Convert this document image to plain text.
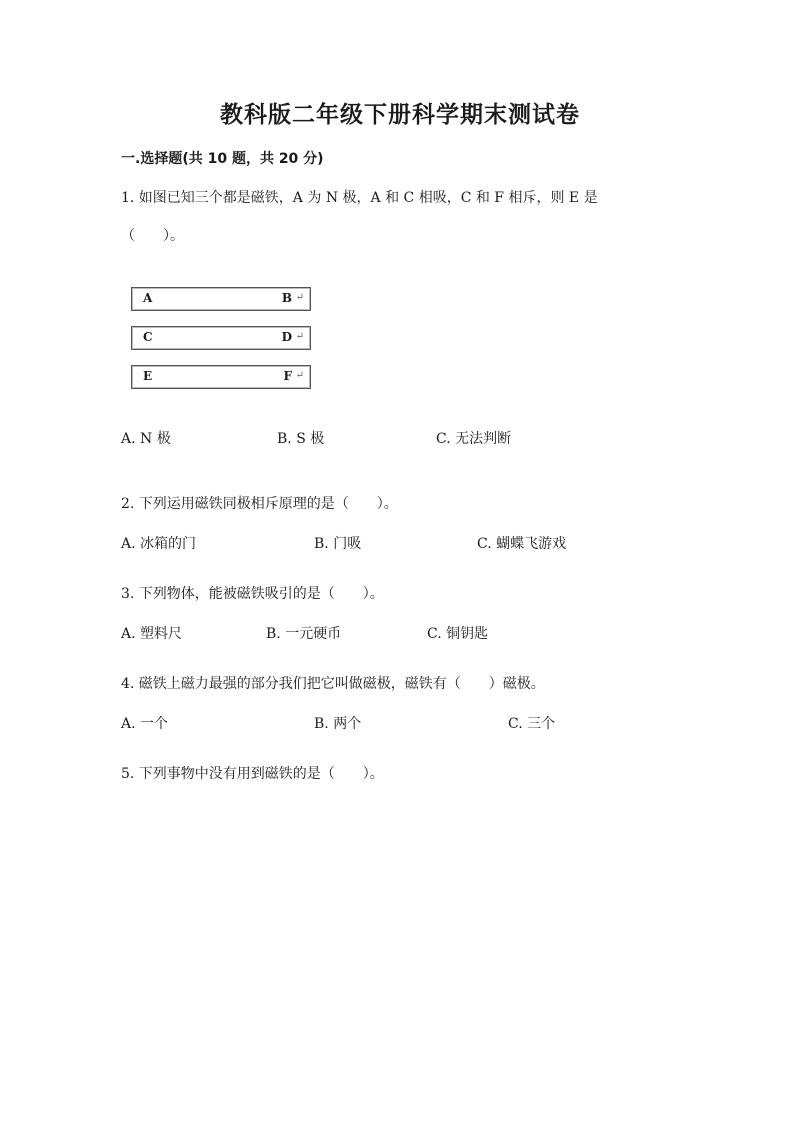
教科版二年级下册科学期末测试卷

一.选择题(共 10 题，共 20 分)

1. 如图已知三个都是磁铁，A 为 N 极，A 和 C 相吸，C 和 F 相斥，则 E 是

（　　）。

A	B ↵
C	D ↵
E	F ↵
A. N 极	B. S 极	C. 无法判断

2. 下列运用磁铁同极相斥原理的是（　　）。

A. 冰箱的门	B. 门吸	C. 蝴蝶飞游戏

3. 下列物体，能被磁铁吸引的是（　　）。

A. 塑料尺	B. 一元硬币	C. 铜钥匙

4. 磁铁上磁力最强的部分我们把它叫做磁极，磁铁有（　　）磁极。

A. 一个	B. 两个	C. 三个

5. 下列事物中没有用到磁铁的是（　　）。
